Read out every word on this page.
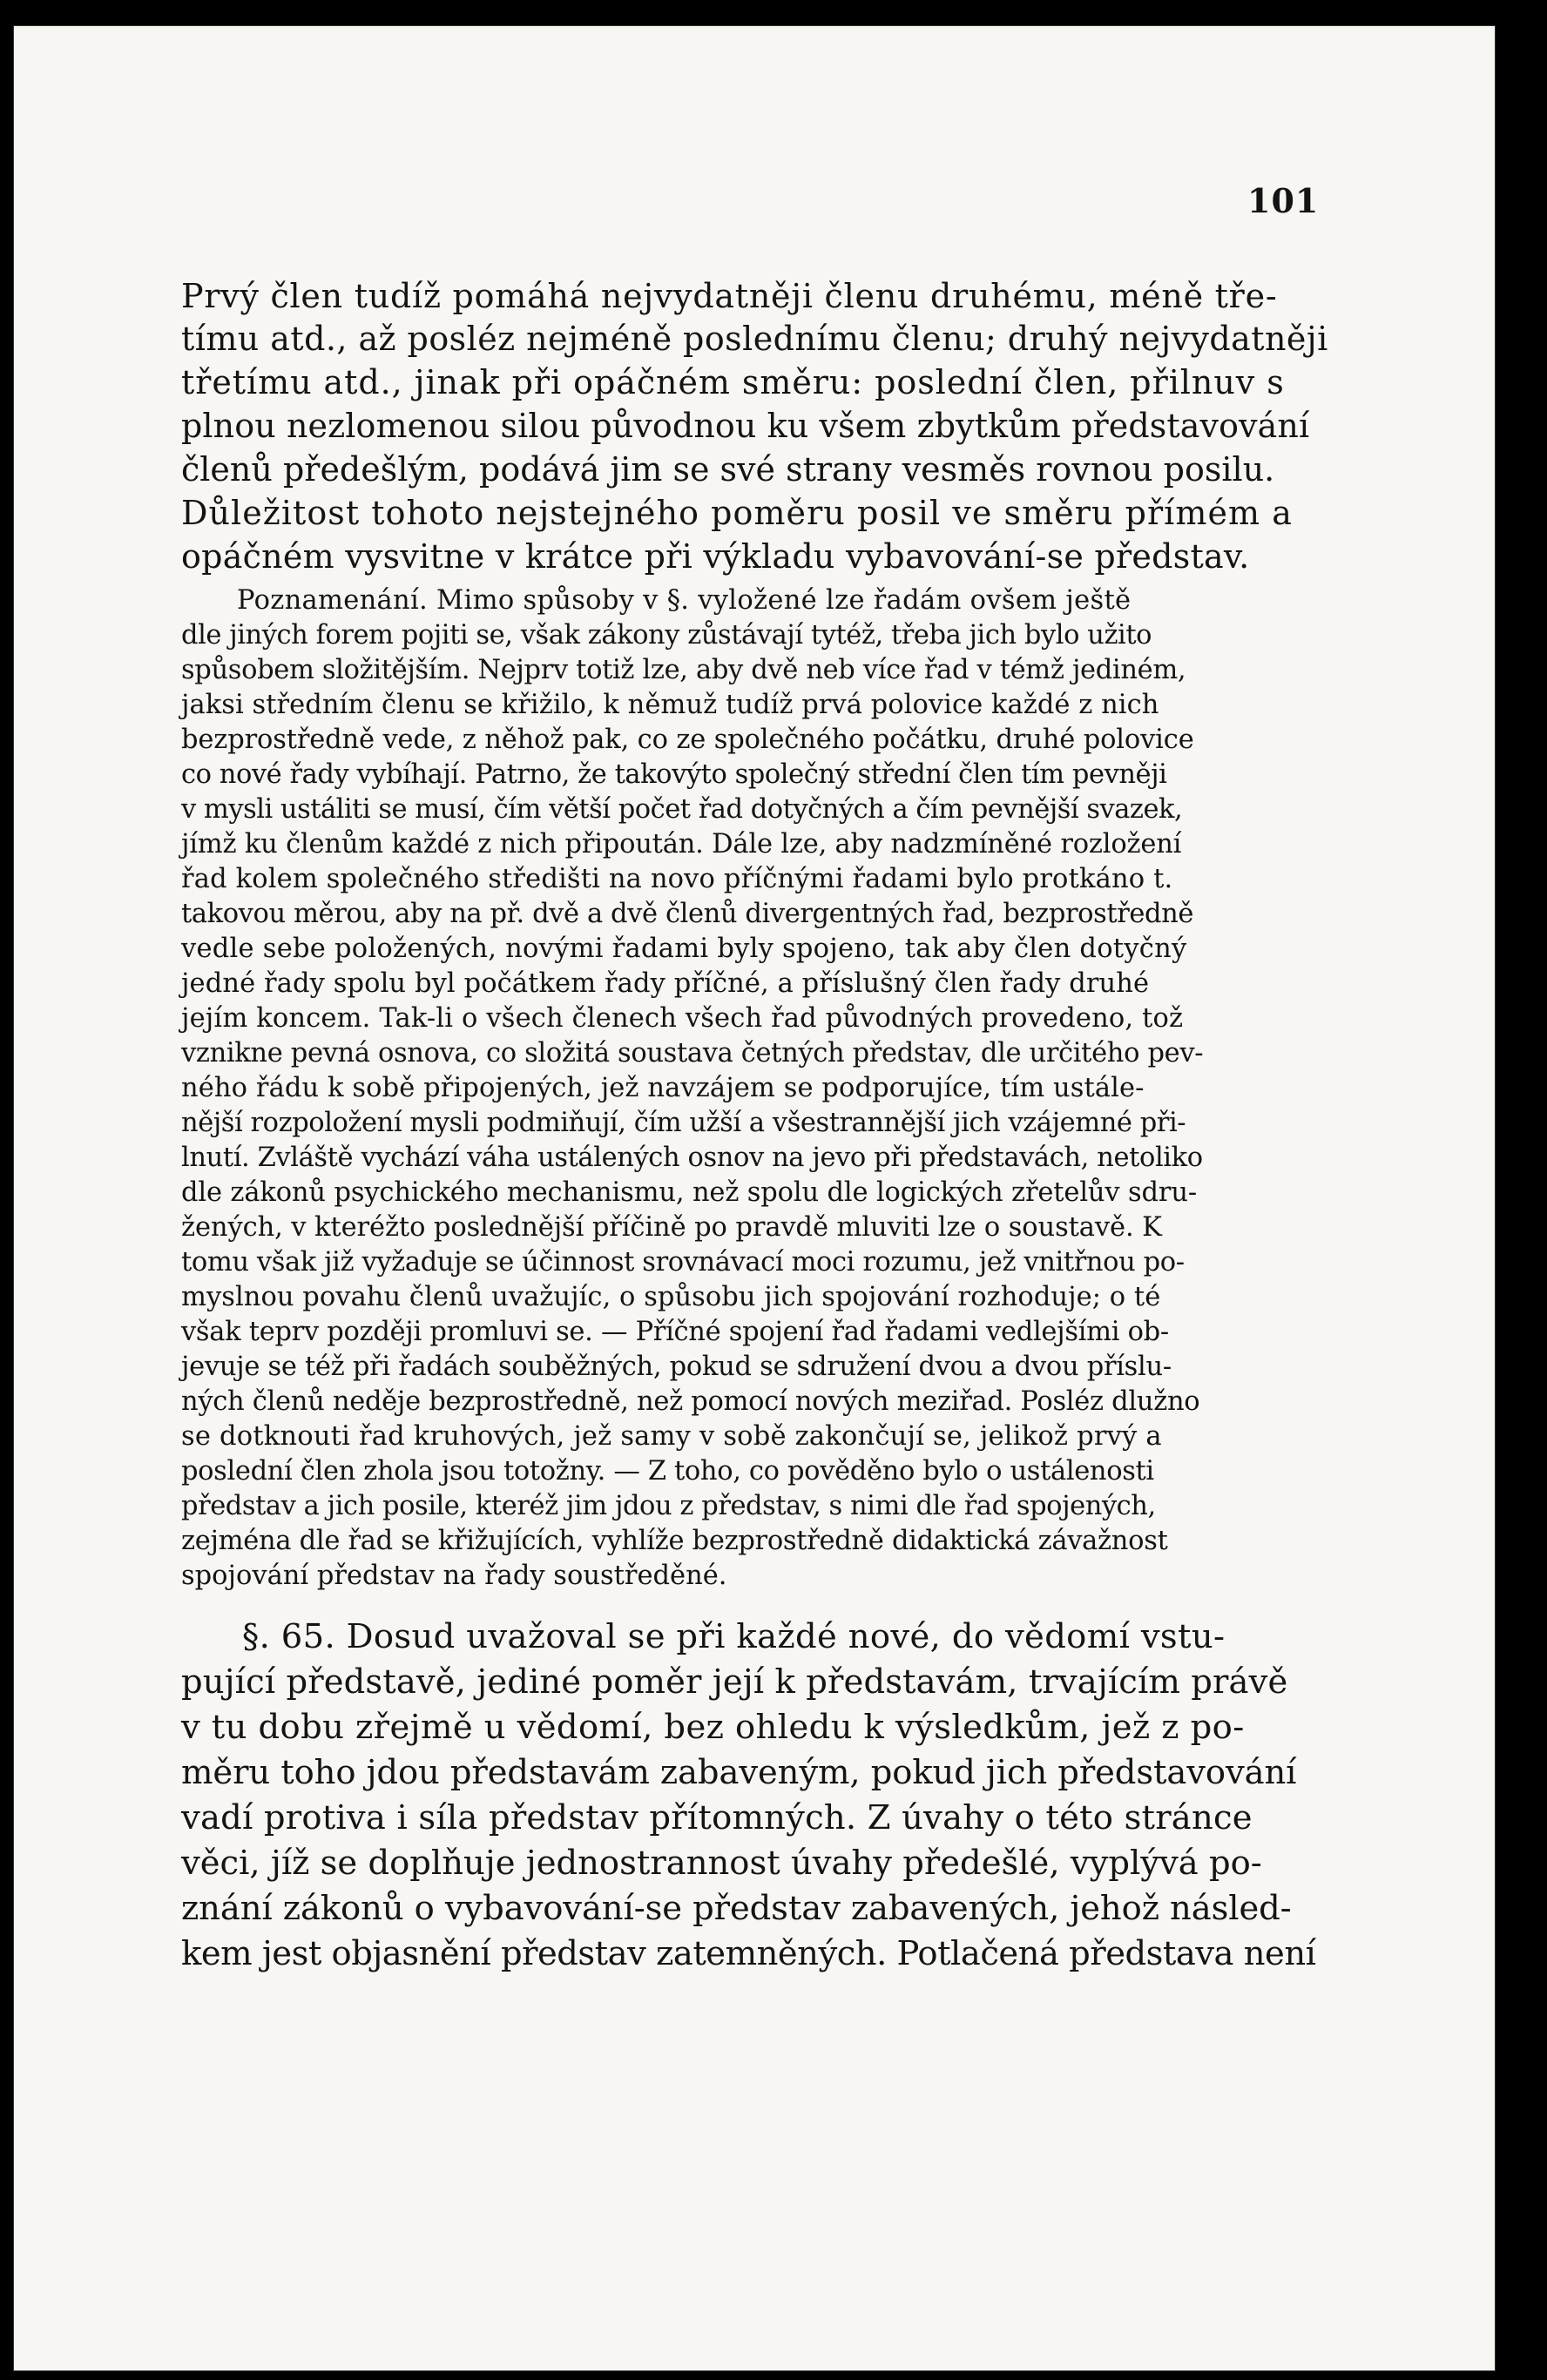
101
Prvý člen tudíž pomáhá nejvydatněji členu druhému, méně tře-
tímu atd., až posléz nejméně poslednímu členu; druhý nejvydatněji
třetímu atd., jinak při opáčném směru: poslední člen, přilnuv s
plnou nezlomenou silou původnou ku všem zbytkům představování
členů předešlým, podává jim se své strany vesměs rovnou posilu.
Důležitost tohoto nejstejného poměru posil ve směru přímém a
opáčném vysvitne v krátce při výkladu vybavování-se představ.
Poznamenání. Mimo spůsoby v §. vyložené lze řadám ovšem ještě
dle jiných forem pojiti se, však zákony zůstávají tytéž, třeba jich bylo užito
spůsobem složitějším. Nejprv totiž lze, aby dvě neb více řad v témž jediném,
jaksi středním členu se křižilo, k němuž tudíž prvá polovice každé z nich
bezprostředně vede, z něhož pak, co ze společného počátku, druhé polovice
co nové řady vybíhají. Patrno, že takovýto společný střední člen tím pevněji
v mysli ustáliti se musí, čím větší počet řad dotyčných a čím pevnější svazek,
jímž ku členům každé z nich připoután. Dále lze, aby nadzmíněné rozložení
řad kolem společného středišti na novo příčnými řadami bylo protkáno t.
takovou měrou, aby na př. dvě a dvě členů divergentných řad, bezprostředně
vedle sebe položených, novými řadami byly spojeno, tak aby člen dotyčný
jedné řady spolu byl počátkem řady příčné, a příslušný člen řady druhé
jejím koncem. Tak-li o všech členech všech řad původných provedeno, tož
vznikne pevná osnova, co složitá soustava četných představ, dle určitého pev-
ného řádu k sobě připojených, jež navzájem se podporujíce, tím ustále-
nější rozpoložení mysli podmiňují, čím užší a všestrannější jich vzájemné při-
lnutí. Zvláště vychází váha ustálených osnov na jevo při představách, netoliko
dle zákonů psychického mechanismu, než spolu dle logických zřetelův sdru-
žených, v kteréžto poslednější příčině po pravdě mluviti lze o soustavě. K
tomu však již vyžaduje se účinnost srovnávací moci rozumu, jež vnitřnou po-
myslnou povahu členů uvažujíc, o spůsobu jich spojování rozhoduje; o té
však teprv později promluvi se. — Příčné spojení řad řadami vedlejšími ob-
jevuje se též při řadách souběžných, pokud se sdružení dvou a dvou příslu-
ných členů neděje bezprostředně, než pomocí nových meziřad. Posléz dlužno
se dotknouti řad kruhových, jež samy v sobě zakončují se, jelikož prvý a
poslední člen zhola jsou totožny. — Z toho, co pověděno bylo o ustálenosti
představ a jich posile, kteréž jim jdou z představ, s nimi dle řad spojených,
zejména dle řad se křižujících, vyhlíže bezprostředně didaktická závažnost
spojování představ na řady soustředěné.
§. 65. Dosud uvažoval se při každé nové, do vědomí vstu-
pující představě, jediné poměr její k představám, trvajícím právě
v tu dobu zřejmě u vědomí, bez ohledu k výsledkům, jež z po-
měru toho jdou představám zabaveným, pokud jich představování
vadí protiva i síla představ přítomných. Z úvahy o této stránce
věci, jíž se doplňuje jednostrannost úvahy předešlé, vyplývá po-
znání zákonů o vybavování-se představ zabavených, jehož násled-
kem jest objasnění představ zatemněných. Potlačená představa není
